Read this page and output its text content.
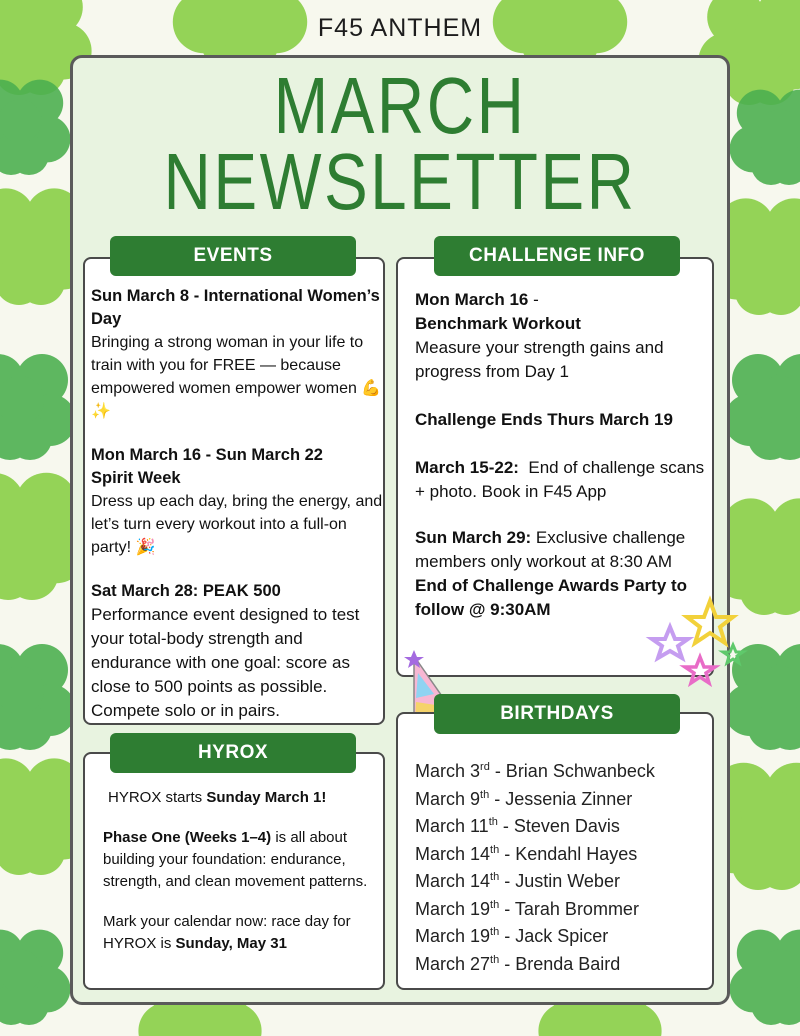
F45 ANTHEM
MARCH
NEWSLETTER
EVENTS
Sun March 8 - International Women’s Day
Bringing a strong woman in your life to train with you for FREE — because empowered women empower women 💪✨
Mon March 16 - Sun March 22 Spirit Week
Dress up each day, bring the energy, and let’s turn every workout into a full-on party! 🎉
Sat March 28: PEAK 500
Performance event designed to test your total-body strength and endurance with one goal: score as close to 500 points as possible. Compete solo or in pairs.
CHALLENGE INFO
Mon March 16 -
Benchmark Workout
Measure your strength gains and progress from Day 1
Challenge Ends Thurs March 19
March 15-22:  End of challenge scans + photo. Book in F45 App
Sun March 29: Exclusive challenge members only workout at 8:30 AM
End of Challenge Awards Party to follow @ 9:30AM
HYROX
HYROX starts Sunday March 1!
Phase One (Weeks 1–4) is all about building your foundation: endurance, strength, and clean movement patterns.
Mark your calendar now: race day for HYROX is Sunday, May 31
BIRTHDAYS
March 3rd - Brian Schwanbeck
March 9th - Jessenia Zinner
March 11th - Steven Davis
March 14th - Kendahl Hayes
March 14th - Justin Weber
March 19th - Tarah Brommer
March 19th - Jack Spicer
March 27th - Brenda Baird
